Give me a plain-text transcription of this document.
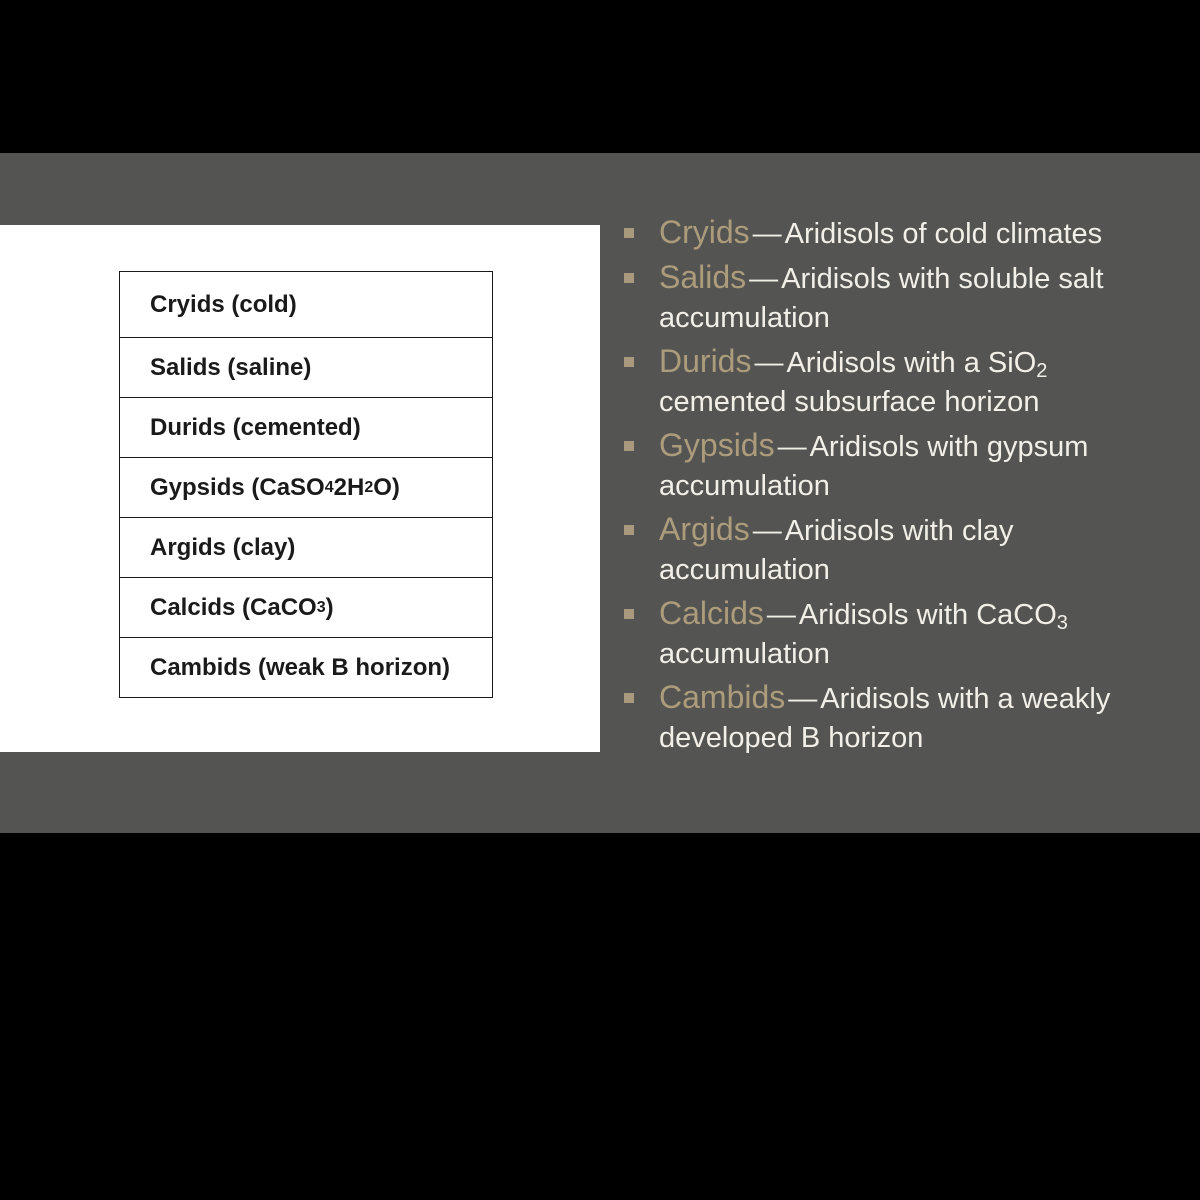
Cryids (cold)
Salids (saline)
Durids (cemented)
Gypsids (CaSO 4 2H 2 O)
Argids (clay)
Calcids (CaCO 3 )
Cambids (weak B horizon)
Cryids — Aridisols of cold climates
Salids — Aridisols with soluble salt accumulation
Durids — Aridisols with a SiO$_2$ cemented subsurface horizon
Gypsids — Aridisols with gypsum accumulation
Argids — Aridisols with clay accumulation
Calcids — Aridisols with CaCO$_3$ accumulation
Cambids — Aridisols with a weakly developed B horizon
